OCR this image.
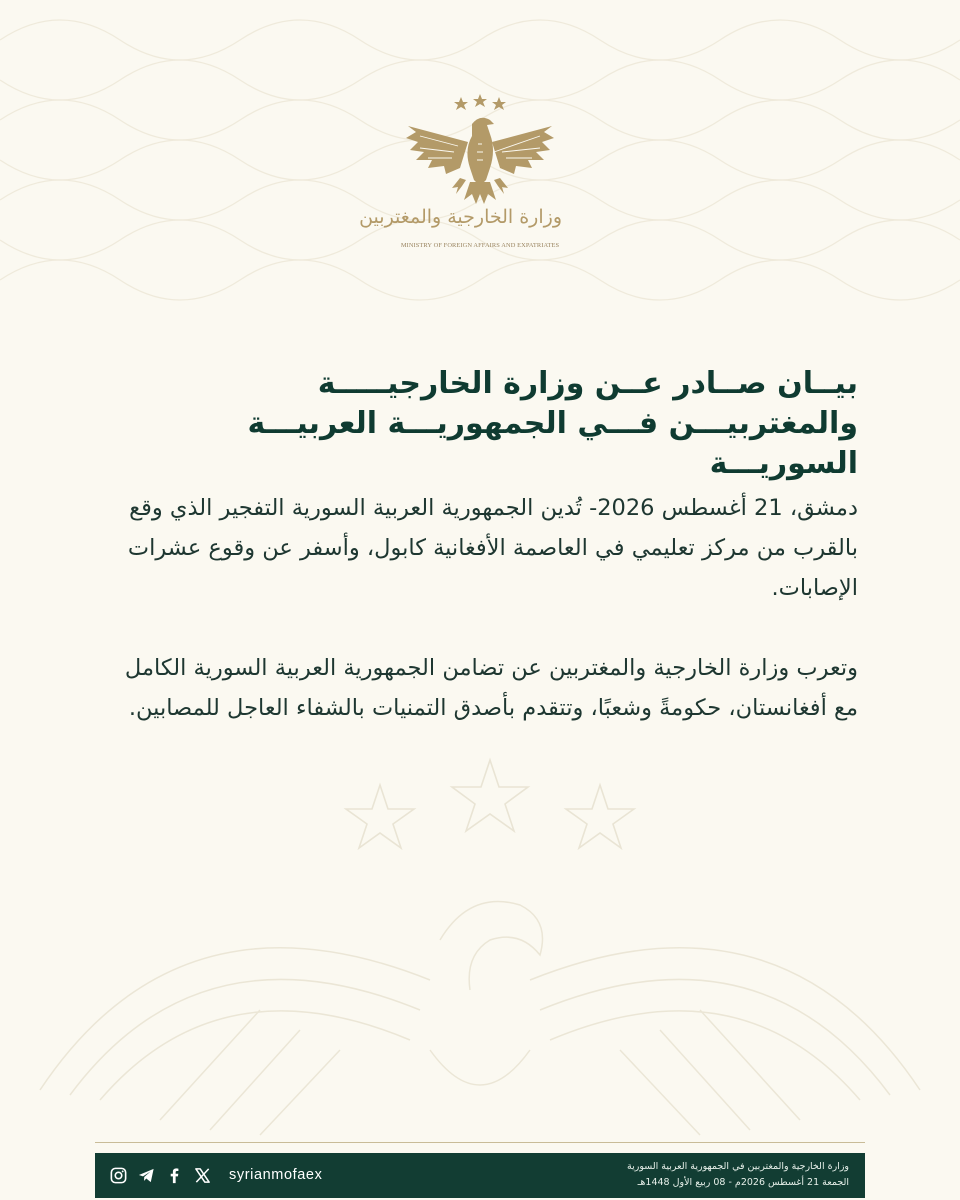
وزارة الخارجية والمغتربين
MINISTRY OF FOREIGN AFFAIRS AND EXPATRIATES
بيــان صــادر عــن وزارة الخارجيـــــة
والمغتربيـــن فـــي الجمهوريـــة العربيـــة السوريـــة
دمشق، 21 أغسطس 2026- تُدين الجمهورية العربية السورية التفجير الذي وقع بالقرب من مركز تعليمي في العاصمة الأفغانية كابول، وأسفر عن وقوع عشرات الإصابات.
وتعرب وزارة الخارجية والمغتربين عن تضامن الجمهورية العربية السورية الكامل مع أفغانستان، حكومةً وشعبًا، وتتقدم بأصدق التمنيات بالشفاء العاجل للمصابين.
syrianmofaex
وزارة الخارجية والمغتربين في الجمهورية العربية السورية
الجمعة 21 أغسطس 2026م - 08 ربيع الأول 1448هـ
